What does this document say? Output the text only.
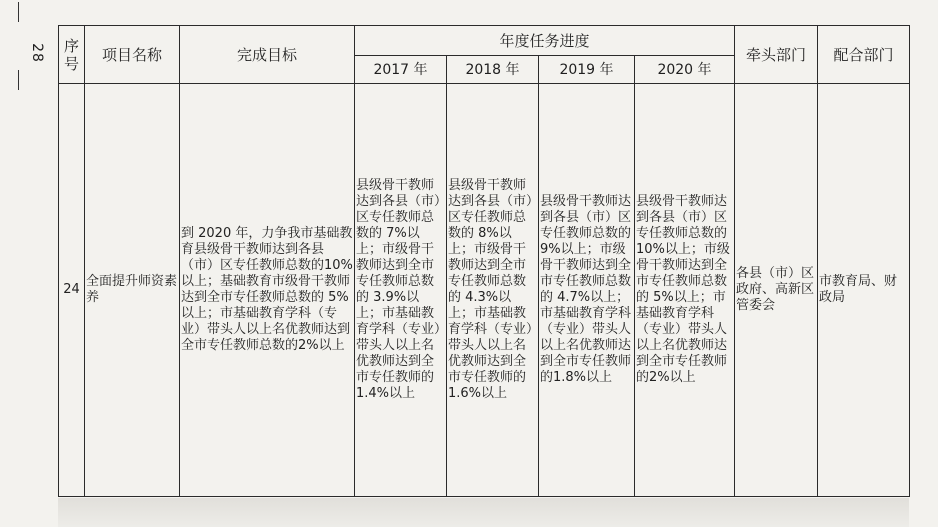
28 序号	项目名称	完成目标	年度任务进度				牵头部门	配合部门
			2017 年	2018 年	2019 年	2020 年		

24	全面提升师资素养	到 2020 年，力争我市基础教育县级骨干教师达到各县（市）区专任教师总数的10%以上；基础教育市级骨干教师达到全市专任教师总数的 5%以上；市基础教育学科（专业）带头人以上名优教师达到全市专任教师总数的2%以上	县级骨干教师达到各县（市）区专任教师总数的 7%以上；市级骨干教师达到全市专任教师总数的 3.9%以上；市基础教育学科（专业）带头人以上名优教师达到全市专任教师的 1.4%以上	县级骨干教师达到各县（市）区专任教师总数的 8%以上；市级骨干教师达到全市专任教师总数的 4.3%以上；市基础教育学科（专业）带头人以上名优教师达到全市专任教师的 1.6%以上	县级骨干教师达到各县（市）区专任教师总数的9%以上；市级骨干教师达到全市专任教师总数的 4.7%以上；市基础教育学科（专业）带头人以上名优教师达到全市专任教师的1.8%以上	县级骨干教师达到各县（市）区专任教师总数的 10%以上；市级骨干教师达到全市专任教师总数的 5%以上；市基础教育学科（专业）带头人以上名优教师达到全市专任教师的2%以上	各县（市）区政府、高新区管委会	市教育局、财政局
